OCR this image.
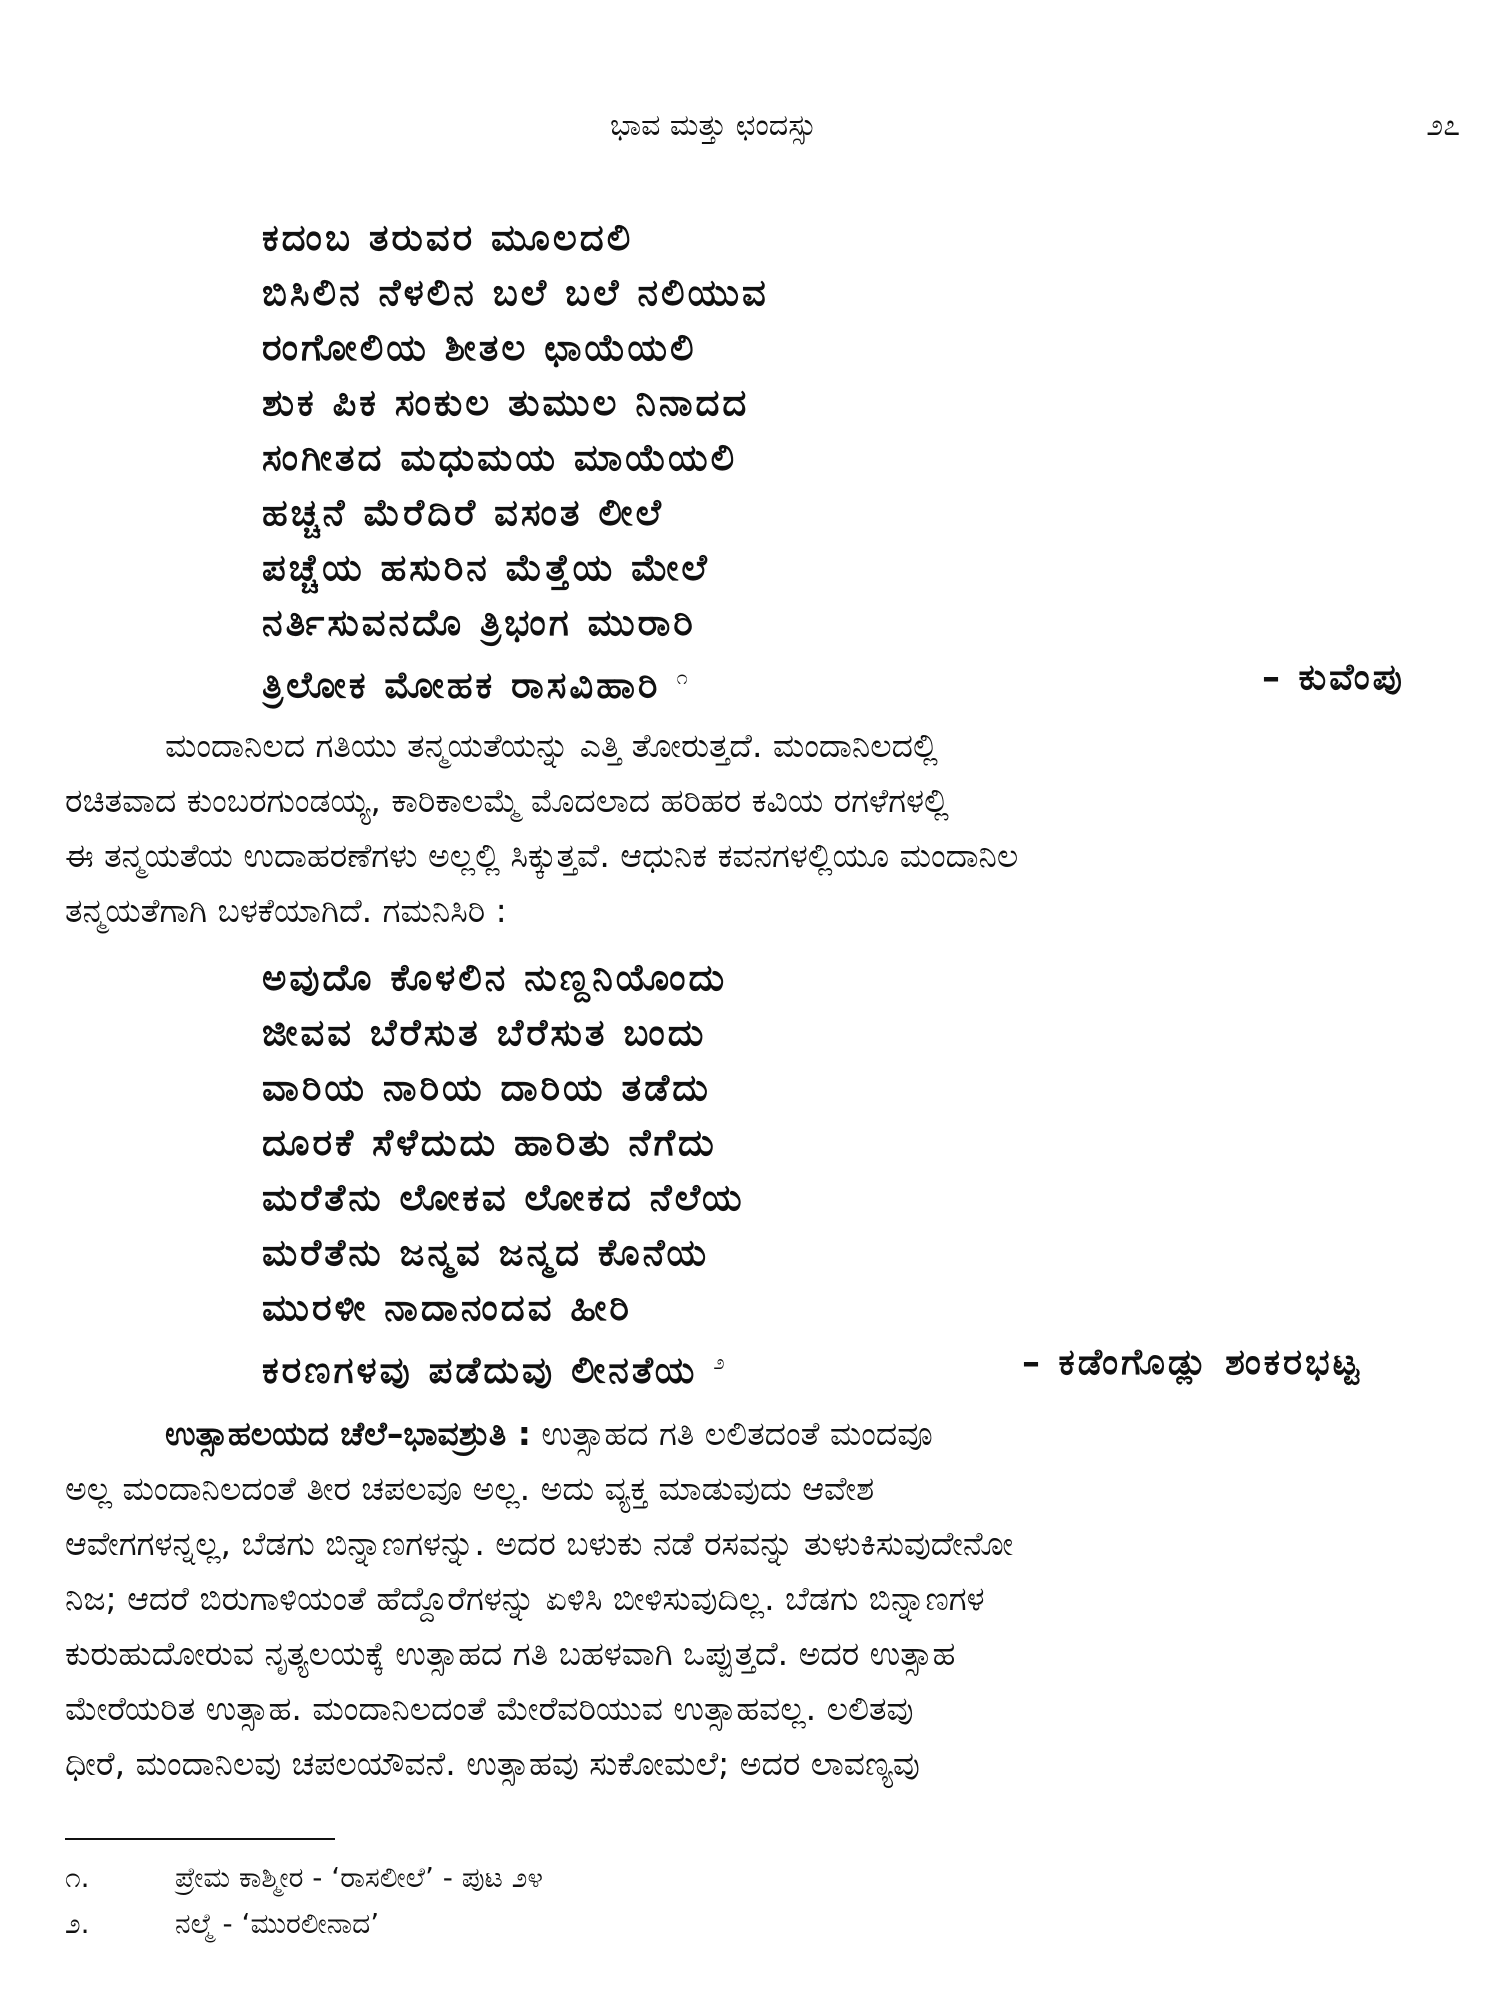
ಭಾವ ಮತ್ತು ಛಂದಸ್ಸು	೨೭
ಕದಂಬ ತರುವರ ಮೂಲದಲಿ
ಬಿಸಿಲಿನ ನೆಳಲಿನ ಬಲೆ ಬಲೆ ನಲಿಯುವ
ರಂಗೋಲಿಯ ಶೀತಲ ಛಾಯೆಯಲಿ
ಶುಕ ಪಿಕ ಸಂಕುಲ ತುಮುಲ ನಿನಾದದ
ಸಂಗೀತದ ಮಧುಮಯ ಮಾಯೆಯಲಿ
ಹಚ್ಚನೆ ಮೆರೆದಿರೆ ವಸಂತ ಲೀಲೆ
ಪಚ್ಚೆಯ ಹಸುರಿನ ಮೆತ್ತೆಯ ಮೇಲೆ
ನರ್ತಿಸುವನದೊ ತ್ರಿಭಂಗ ಮುರಾರಿ
ತ್ರಿಲೋಕ ಮೋಹಕ ರಾಸವಿಹಾರಿ $^೧$	– ಕುವೆಂಪು
ಮಂದಾನಿಲದ ಗತಿಯು ತನ್ಮಯತೆಯನ್ನು ಎತ್ತಿ ತೋರುತ್ತದೆ. ಮಂದಾನಿಲದಲ್ಲಿ
ರಚಿತವಾದ ಕುಂಬರಗುಂಡಯ್ಯ, ಕಾರಿಕಾಲಮ್ಮೆ ಮೊದಲಾದ ಹರಿಹರ ಕವಿಯ ರಗಳೆಗಳಲ್ಲಿ
ಈ ತನ್ಮಯತೆಯ ಉದಾಹರಣೆಗಳು ಅಲ್ಲಲ್ಲಿ ಸಿಕ್ಕುತ್ತವೆ. ಆಧುನಿಕ ಕವನಗಳಲ್ಲಿಯೂ ಮಂದಾನಿಲ
ತನ್ಮಯತೆಗಾಗಿ ಬಳಕೆಯಾಗಿದೆ. ಗಮನಿಸಿರಿ :
ಅವುದೊ ಕೊಳಲಿನ ನುಣ್ದನಿಯೊಂದು
ಜೀವವ ಬೆರೆಸುತ ಬೆರೆಸುತ ಬಂದು
ವಾರಿಯ ನಾರಿಯ ದಾರಿಯ ತಡೆದು
ದೂರಕೆ ಸೆಳೆದುದು ಹಾರಿತು ನೆಗೆದು
ಮರೆತೆನು ಲೋಕವ ಲೋಕದ ನೆಲೆಯ
ಮರೆತೆನು ಜನ್ಮವ ಜನ್ಮದ ಕೊನೆಯ
ಮುರಳೀ ನಾದಾನಂದವ ಹೀರಿ
ಕರಣಗಳವು ಪಡೆದುವು ಲೀನತೆಯ $^೨$	– ಕಡೆಂಗೊಡ್ಲು ಶಂಕರಭಟ್ಟ
ಉತ್ಸಾಹಲಯದ ಚೆಲೆ–ಭಾವಶ್ರುತಿ : ಉತ್ಸಾಹದ ಗತಿ ಲಲಿತದಂತೆ ಮಂದವೂ
ಅಲ್ಲ ಮಂದಾನಿಲದಂತೆ ತೀರ ಚಪಲವೂ ಅಲ್ಲ. ಅದು ವ್ಯಕ್ತ ಮಾಡುವುದು ಆವೇಶ
ಆವೇಗಗಳನ್ನಲ್ಲ, ಬೆಡಗು ಬಿನ್ನಾಣಗಳನ್ನು. ಅದರ ಬಳುಕು ನಡೆ ರಸವನ್ನು ತುಳುಕಿಸುವುದೇನೋ
ನಿಜ; ಆದರೆ ಬಿರುಗಾಳಿಯಂತೆ ಹೆದ್ದೊರೆಗಳನ್ನು ಏಳಿಸಿ ಬೀಳಿಸುವುದಿಲ್ಲ. ಬೆಡಗು ಬಿನ್ನಾಣಗಳ
ಕುರುಹುದೋರುವ ನೃತ್ಯಲಯಕ್ಕೆ ಉತ್ಸಾಹದ ಗತಿ ಬಹಳವಾಗಿ ಒಪ್ಪುತ್ತದೆ. ಅದರ ಉತ್ಸಾಹ
ಮೇರೆಯರಿತ ಉತ್ಸಾಹ. ಮಂದಾನಿಲದಂತೆ ಮೇರೆವರಿಯುವ ಉತ್ಸಾಹವಲ್ಲ. ಲಲಿತವು
ಧೀರೆ, ಮಂದಾನಿಲವು ಚಪಲಯೌವನೆ. ಉತ್ಸಾಹವು ಸುಕೋಮಲೆ; ಅದರ ಲಾವಣ್ಯವು
೧.	ಪ್ರೇಮ ಕಾಶ್ಮೀರ - ‘ರಾಸಲೀಲೆ’ - ಪುಟ ೨೪
೨.	ನಲ್ಮೆ - ‘ಮುರಲೀನಾದ’
